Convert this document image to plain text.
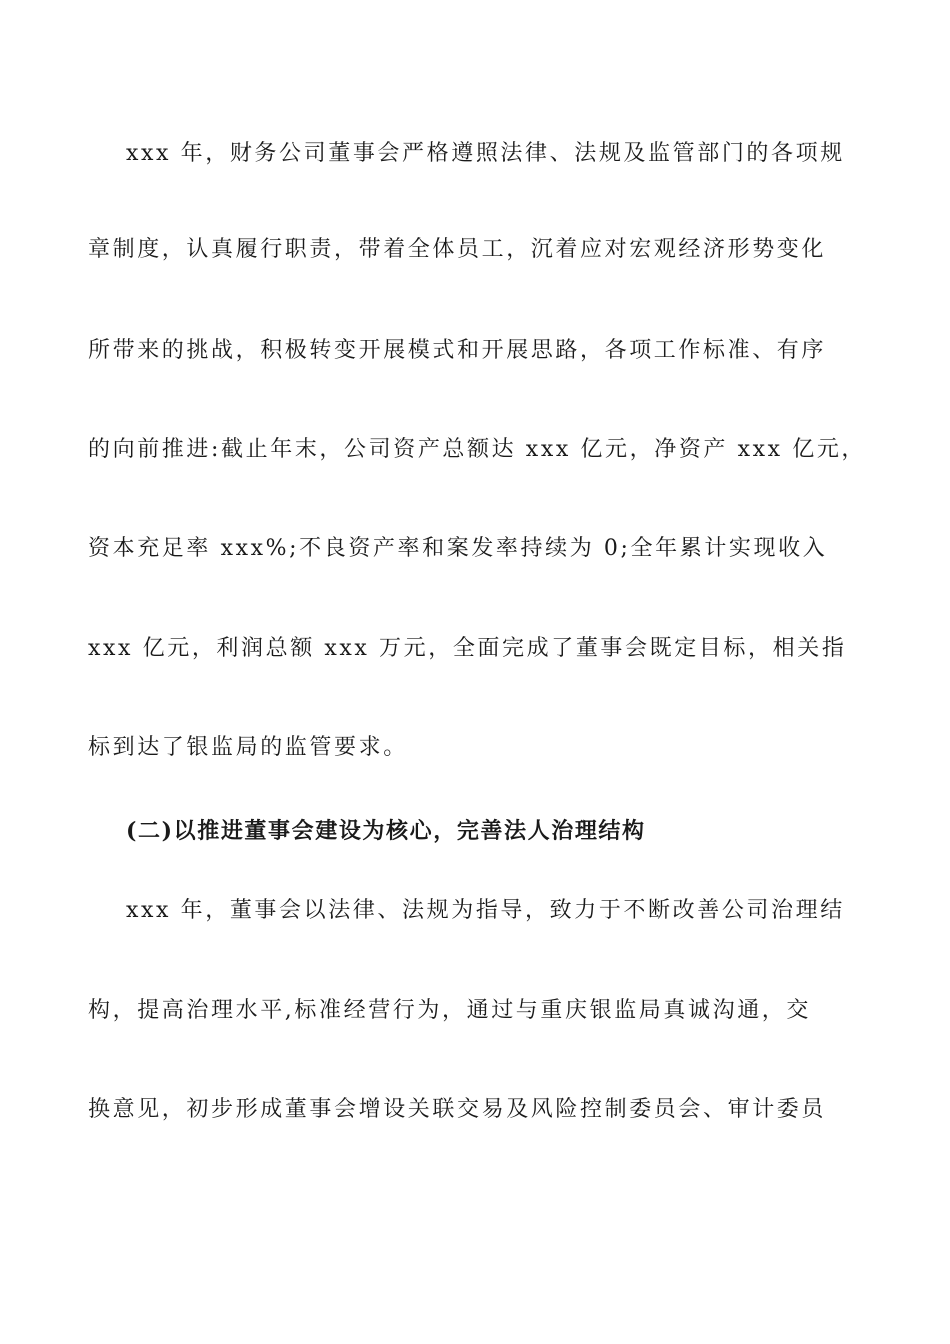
xxx 年，财务公司董事会严格遵照法律、法规及监管部门的各项规
章制度，认真履行职责，带着全体员工，沉着应对宏观经济形势变化
所带来的挑战，积极转变开展模式和开展思路，各项工作标准、有序
的向前推进:截止年末，公司资产总额达 xxx 亿元，净资产 xxx 亿元，
资本充足率 xxx%;不良资产率和案发率持续为 0;全年累计实现收入
xxx 亿元，利润总额 xxx 万元，全面完成了董事会既定目标，相关指
标到达了银监局的监管要求。
(二)以推进董事会建设为核心，完善法人治理结构
xxx 年，董事会以法律、法规为指导，致力于不断改善公司治理结
构，提高治理水平,标准经营行为，通过与重庆银监局真诚沟通，交
换意见，初步形成董事会增设关联交易及风险控制委员会、审计委员
